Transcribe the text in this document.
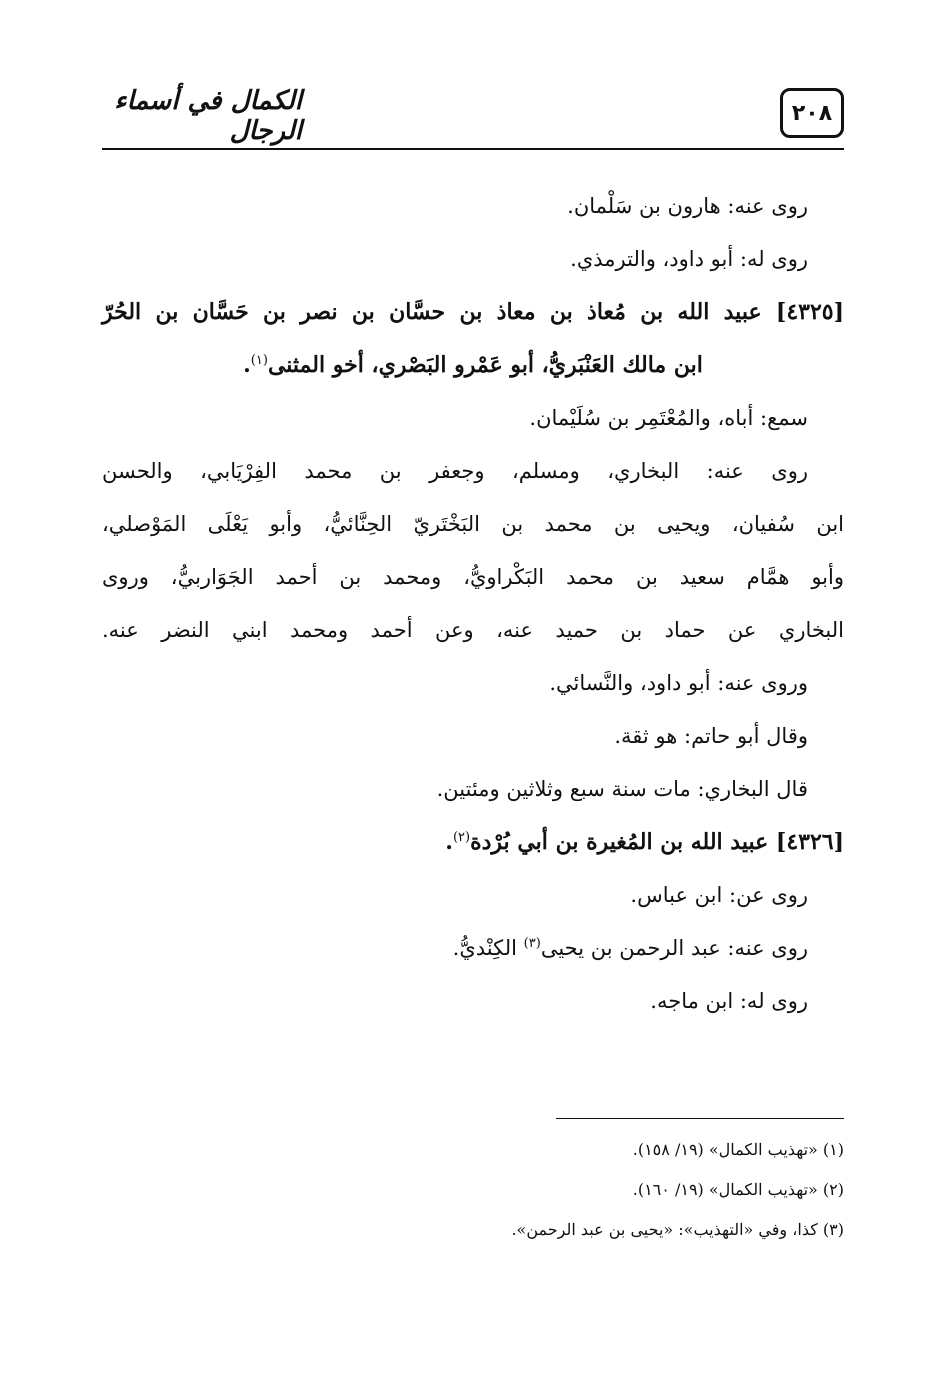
الكمال في أسماء الرجال
٢٠٨
روى عنه: هارون بن سَلْمان.
روى له: أبو داود، والترمذي.
[٤٣٢٥] عبيد الله بن مُعاذ بن معاذ بن حسَّان بن نصر بن حَسَّان بن الحُرّ
ابن مالك العَنْبَريُّ، أبو عَمْرو البَصْري، أخو المثنى$^{(١)}$.
سمع: أباه، والمُعْتَمِر بن سُلَيْمان.
روى عنه: البخاري، ومسلم، وجعفر بن محمد الفِرْيَابي، والحسن
ابن سُفيان، ويحيى بن محمد بن البَخْتَريّ الحِنَّائيُّ، وأبو يَعْلَى المَوْصلي،
وأبو همَّام سعيد بن محمد البَكْراويُّ، ومحمد بن أحمد الجَوَاربيُّ، وروى
البخاري عن حماد بن حميد عنه، وعن أحمد ومحمد ابني النضر عنه.
وروى عنه: أبو داود، والنَّسائي.
وقال أبو حاتم: هو ثقة.
قال البخاري: مات سنة سبع وثلاثين ومئتين.
[٤٣٢٦] عبيد الله بن المُغيرة بن أبي بُرْدة$^{(٢)}$.
روى عن: ابن عباس.
روى عنه: عبد الرحمن بن يحيى$^{(٣)}$ الكِنْديُّ.
روى له: ابن ماجه.
(١) «تهذيب الكمال» (١٩/ ١٥٨).
(٢) «تهذيب الكمال» (١٩/ ١٦٠).
(٣) كذا، وفي «التهذيب»: «يحيى بن عبد الرحمن».
